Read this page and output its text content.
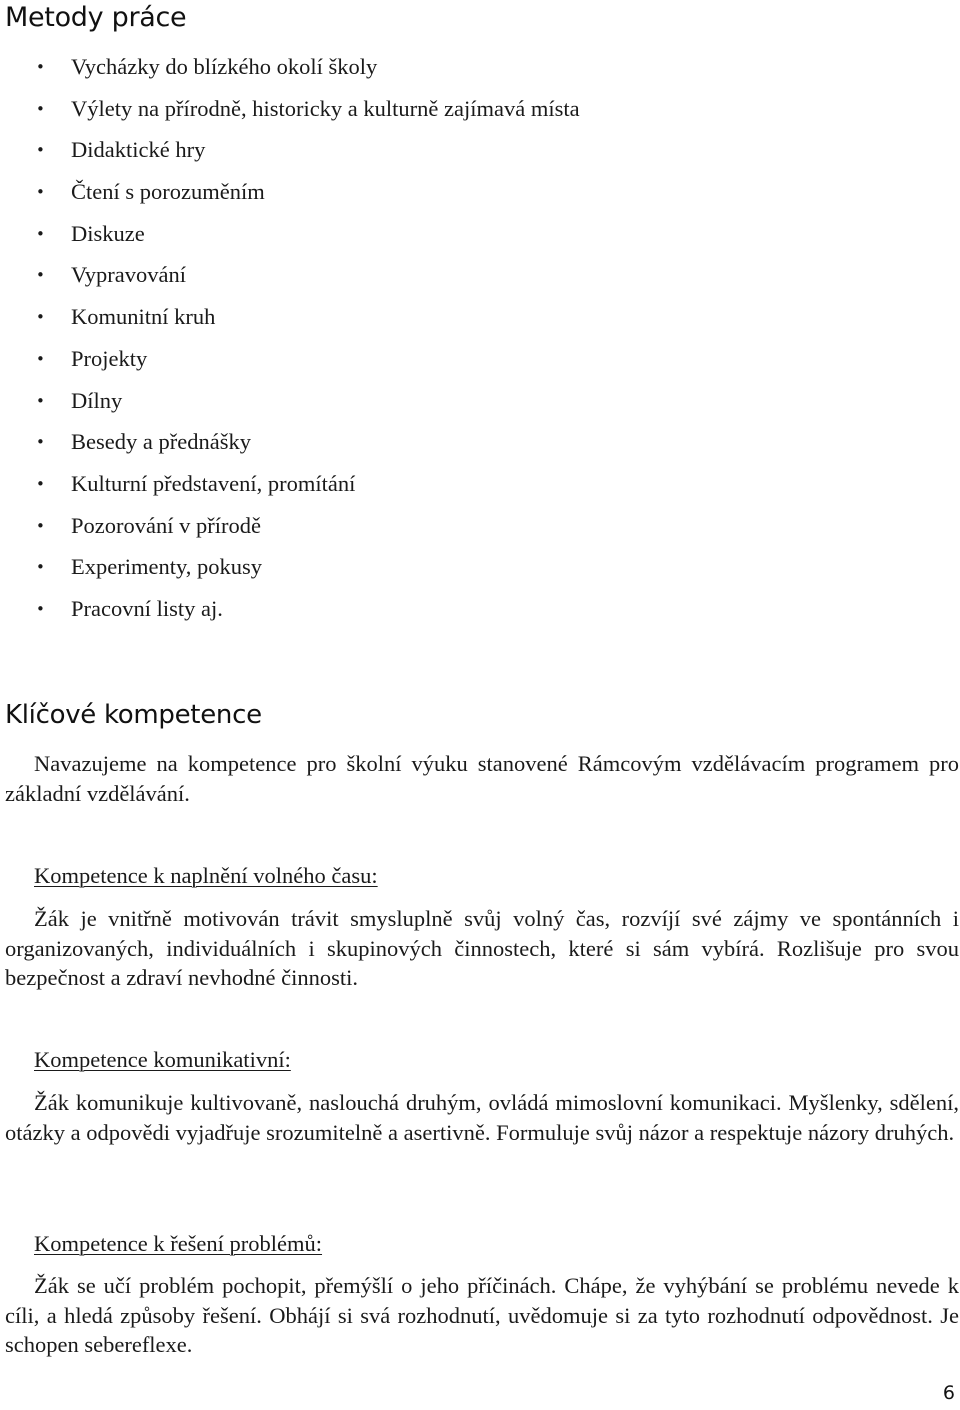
Metody práce
• Vycházky do blízkého okolí školy
• Výlety na přírodně, historicky a kulturně zajímavá místa
• Didaktické hry
• Čtení s porozuměním
• Diskuze
• Vypravování
• Komunitní kruh
• Projekty
• Dílny
• Besedy a přednášky
• Kulturní představení, promítání
• Pozorování v přírodě
• Experimenty, pokusy
• Pracovní listy aj.
Klíčové kompetence

Navazujeme na kompetence pro školní výuku stanovené Rámcovým vzdělávacím programem pro základní vzdělávání.

Kompetence k naplnění volného času:

Žák je vnitřně motivován trávit smysluplně svůj volný čas, rozvíjí své zájmy ve spontánních i organizovaných, individuálních i skupinových činnostech, které si sám vybírá. Rozlišuje pro svou bezpečnost a zdraví nevhodné činnosti.

Kompetence komunikativní:

Žák komunikuje kultivovaně, naslouchá druhým, ovládá mimoslovní komunikaci. Myšlenky, sdělení, otázky a odpovědi vyjadřuje srozumitelně a asertivně. Formuluje svůj názor a respektuje názory druhých.

Kompetence k řešení problémů:

Žák se učí problém pochopit, přemýšlí o jeho příčinách. Chápe, že vyhýbání se problému nevede k cíli, a hledá způsoby řešení. Obhájí si svá rozhodnutí, uvědomuje si za tyto rozhodnutí odpovědnost. Je schopen sebereflexe.

6
